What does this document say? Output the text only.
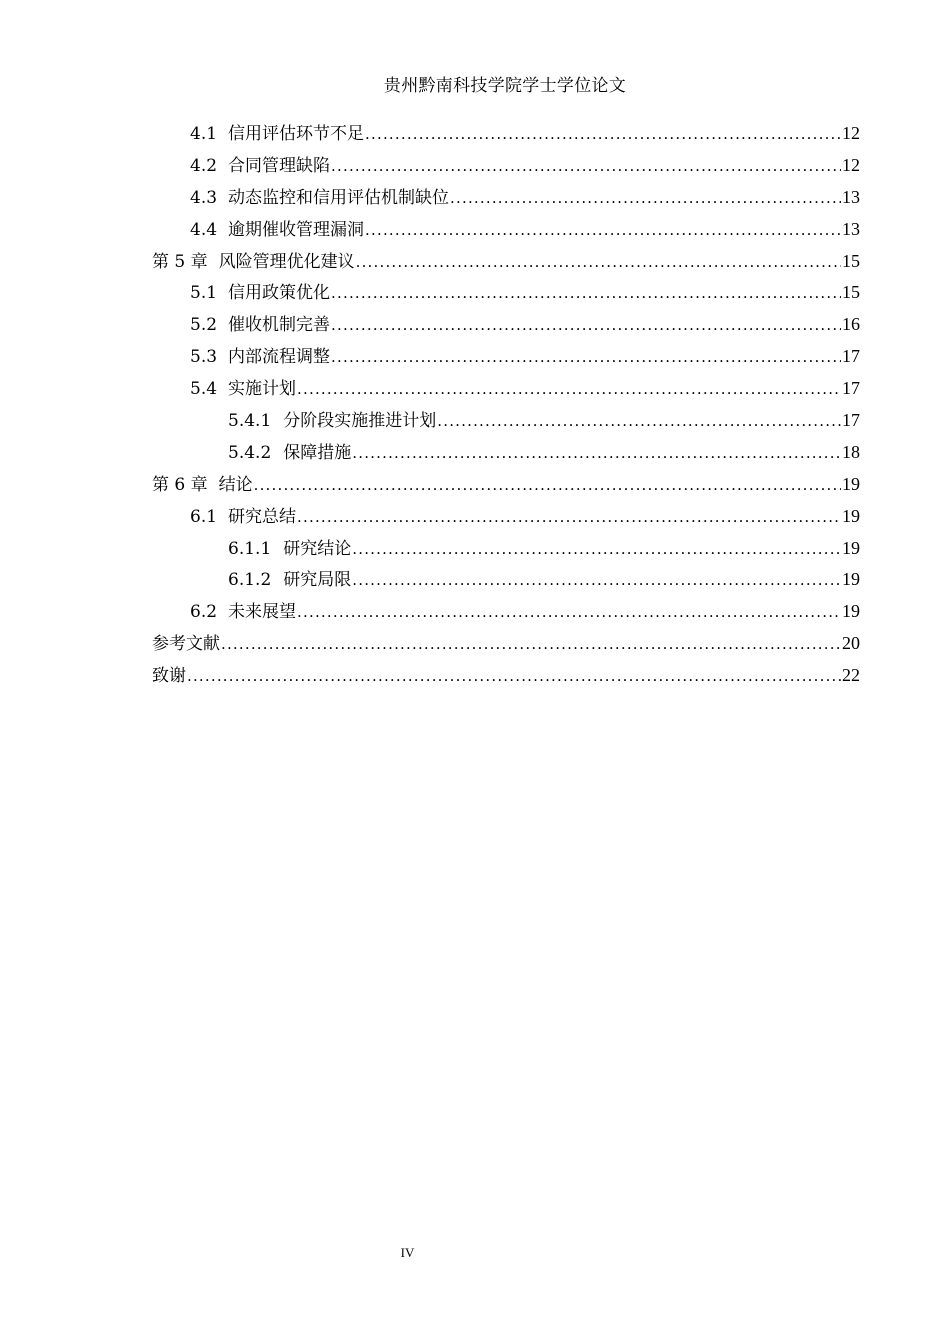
贵州黔南科技学院学士学位论文
4.1 信用评估环节不足 .....	12
4.2 合同管理缺陷 .....	12
4.3 动态监控和信用评估机制缺位 .....	13
4.4 逾期催收管理漏洞 .....	13
第 5 章 风险管理优化建议 .....	15
5.1 信用政策优化 .....	15
5.2 催收机制完善 .....	16
5.3 内部流程调整 .....	17
5.4 实施计划 .....	17
5.4.1 分阶段实施推进计划 .....	17
5.4.2 保障措施 .....	18
第 6 章 结论 .....	19
6.1 研究总结 .....	19
6.1.1 研究结论 .....	19
6.1.2 研究局限 .....	19
6.2 未来展望 .....	19
参考文献 .....	20
致谢 .....	22
IV
